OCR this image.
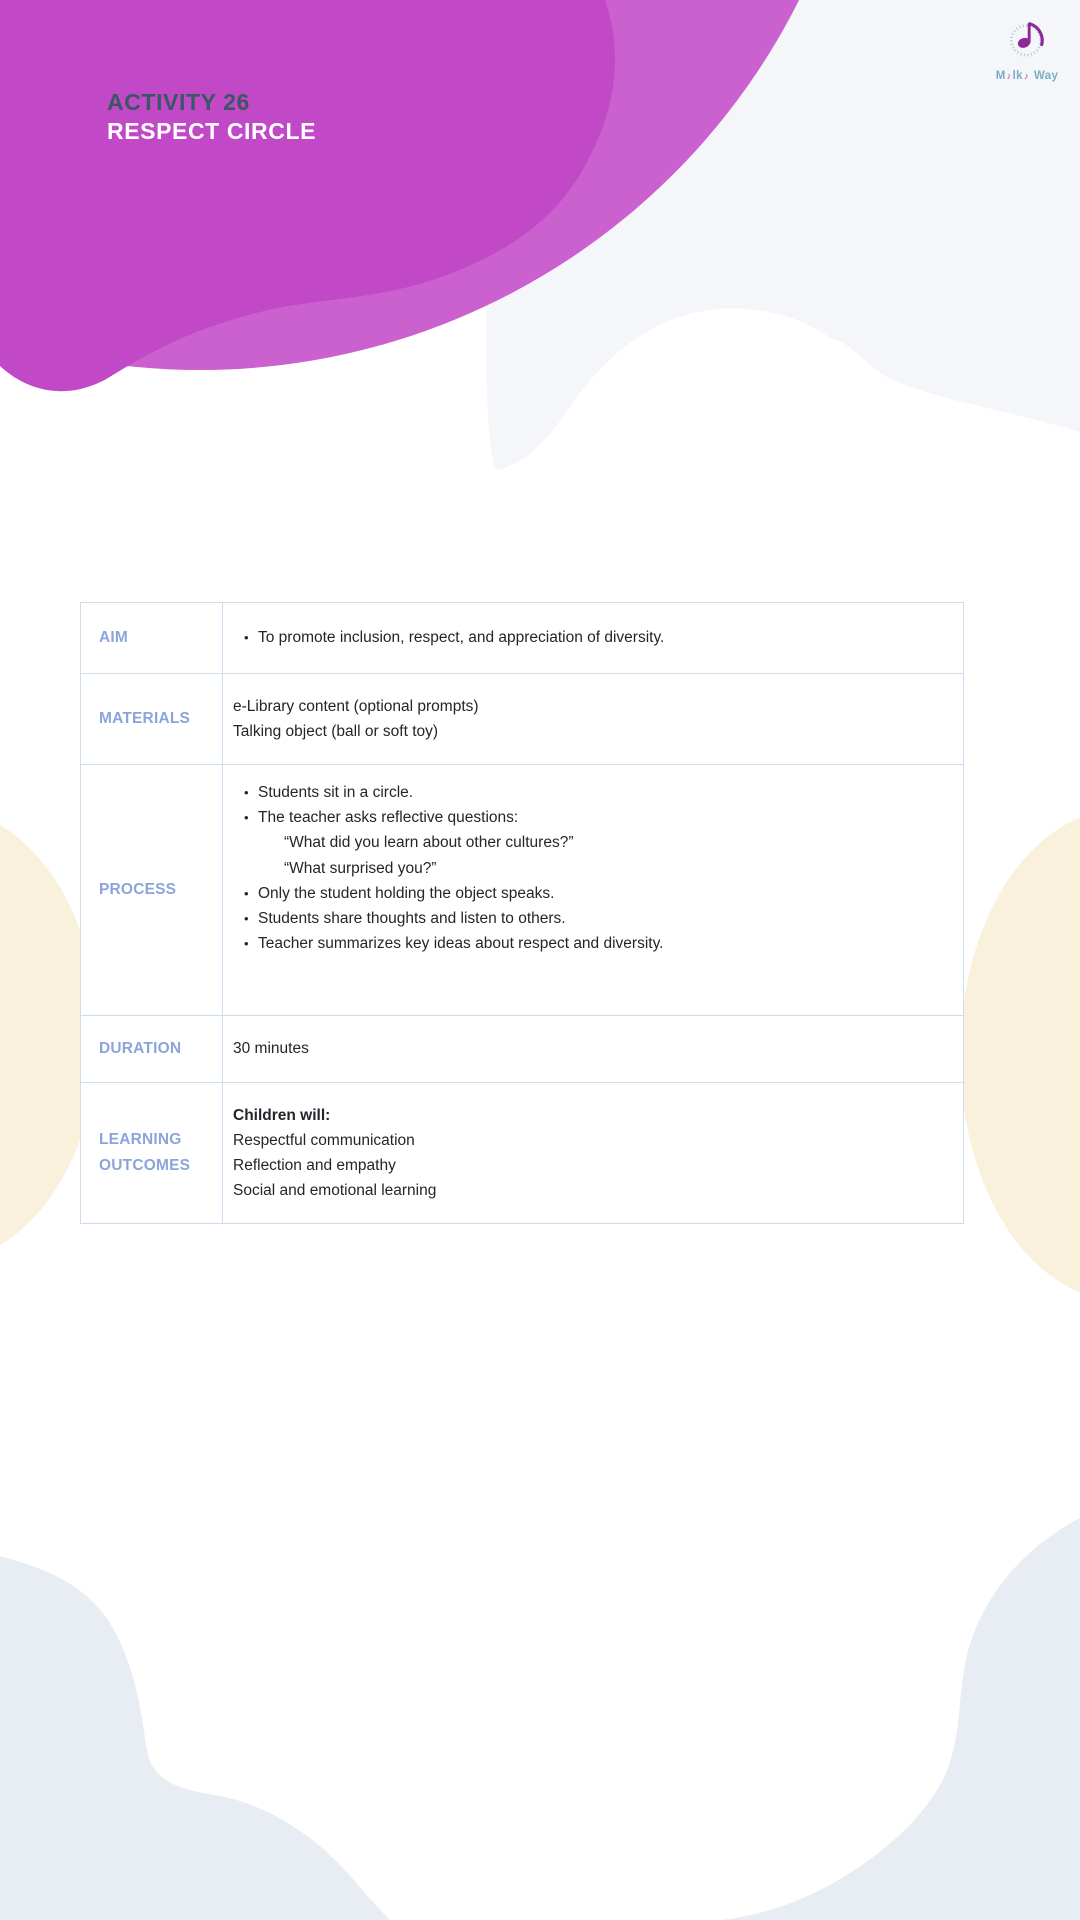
ACTIVITY 26
RESPECT CIRCLE
M ♪ lk ♪ Way
AIM	• To promote inclusion, respect, and appreciation of diversity.
MATERIALS
e-Library content (optional prompts)
Talking object (ball or soft toy)
PROCESS
• Students sit in a circle.
• The teacher asks reflective questions:
“What did you learn about other cultures?”
“What surprised you?”
• Only the student holding the object speaks.
• Students share thoughts and listen to others.
• Teacher summarizes key ideas about respect and diversity.
DURATION	30 minutes
LEARNING OUTCOMES
Children will:
Respectful communication
Reflection and empathy
Social and emotional learning
